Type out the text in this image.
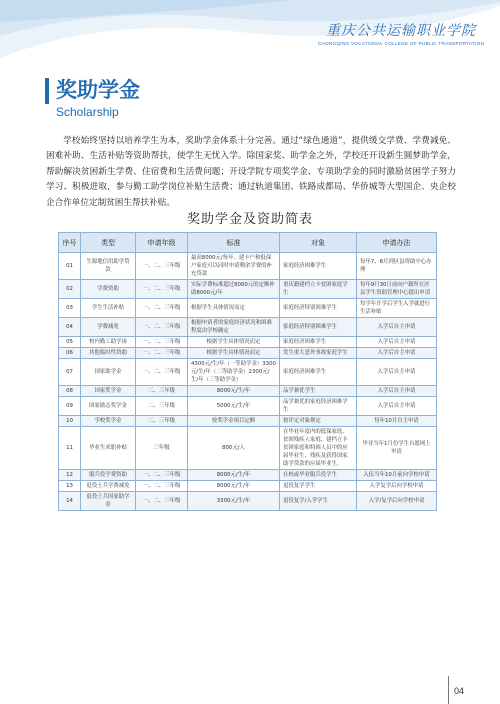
重庆公共运输职业学院
CHONGQING VOCATIONAL COLLEGE OF PUBLIC TRANSPORTATION
奖助学金
Scholarship

学校始终坚持以培养学生为本，奖助学金体系十分完善。通过“绿色通道”，提供缓交学费、学费减免、困难补助、生活补贴等资助帮扶，使学生无忧入学。除国家奖、助学金之外，学校还开设新生圆梦助学金，帮助解决贫困新生学费、住宿费和生活费问题；开设学院专项奖学金、专项助学金的同时激励贫困学子努力学习、积极进取，参与勤工助学岗位补贴生活费；通过轨道集团、铁路成都局、华侨城等大型国企、央企校企合作单位定制贫困生帮扶补贴。

奖助学金及资助简表
序号	类型	申请年级	标准	对象	申请办法
01	生源地信用助学贷款	一、二、三年级	最高8000元/每年。建卡户和低保户家庭可以同时申请剩余学费的补充贷款	家庭经济困难学生	每年7、8月到区县资助中心办理
02	学费资助	一、二、三年级	实际学费标准超过8000元的定额补助8000元/年	重庆籍建档立卡贫困家庭学生	每年9月30日前向户籍所在区县学生资助管理中心提出申请
03	学生生活补贴	一、二、三年级	根据学生具体情况而定	家庭经济特别困难学生	每学年开学后学生入学就进行生活补贴
04	学费减免	一、二、三年级	根据申请者的家庭经济状况和困难程度由学校确定	家庭经济特别困难学生	入学后自主申请
05	校内勤工助学岗	一、二、三年级	根据学生具体情况而定	家庭经济困难学生	入学后自主申请
06	其他临时性资助	一、二、三年级	根据学生具体情况而定	发生重大意外事故家庭学生	入学后自主申请
07	国家助学金	一、二、三年级	4300元/生/年（一等助学金）3300元/生/年（二等助学金）2300元/生/年（三等助学金）	家庭经济困难学生	入学后自主申请
08	国家奖学金	二、三年级	8000元/生/年	品学兼优学生	入学后自主申请
09	国家励志奖学金	二、三年级	5000元/生/年	品学兼优的家庭经济困难学生	入学后自主申请
10	学校奖学金	二、三年级	按奖学金项目定额	按评定对象规定	每年10月自主申请
11	毕业生求职补贴	三年级	800元/人	在毕业年度内的低保家庭、贫困残疾人家庭、建档立卡贫困家庭和特困人员中的应届毕业生，残疾及获得国家助学贷款的应届毕业生。	毕业当年1月份学生自愿网上申请
12	服兵役学费资助	一、二、三年级	8000元/生/年	在校或毕业服兵役学生	入伍当年10月前向学校申请
13	退役士兵学费减免	一、二、三年级	8000元/生/年	退役复学学生	入学复学后向学校申请
14	退役士兵国家助学金	一、二、三年级	3300元/生/年	退役复学/入学学生	入学/复学后向学校申请
04
